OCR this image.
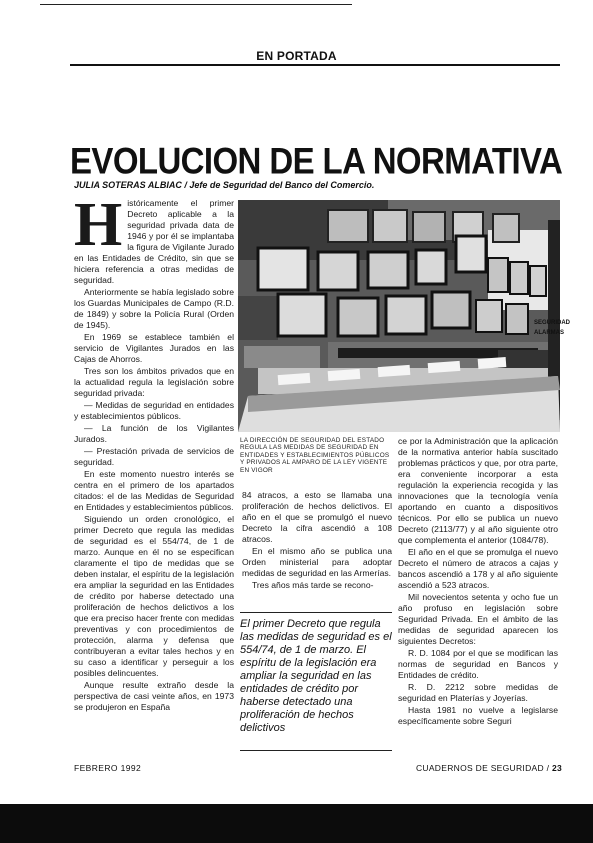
EN PORTADA
EVOLUCION DE LA NORMATIVA
JULIA SOTERAS ALBIAC / Jefe de Seguridad del Banco del Comercio.
H istóricamente el primer Decreto aplicable a la seguridad privada data de 1946 y por él se implantaba la figura de Vigilante Jurado en las Entidades de Crédito, sin que se hiciera referencia a otras medidas de seguridad.

Anteriormente se había legislado sobre los Guardas Municipales de Campo (R.D. de 1849) y sobre la Policía Rural (Orden de 1945).

En 1969 se establece también el servicio de Vigilantes Jurados en las Cajas de Ahorros.

Tres son los ámbitos privados que en la actualidad regula la legislación sobre seguridad privada:

— Medidas de seguridad en entidades y establecimientos públicos.

— La función de los Vigilantes Jurados.

— Prestación privada de servicios de seguridad.

En este momento nuestro interés se centra en el primero de los apartados citados: el de las Medidas de Seguridad en Entidades y establecimientos públicos.

Siguiendo un orden cronológico, el primer Decreto que regula las medidas de seguridad es el 554/74, de 1 de marzo. Aunque en él no se especifican claramente el tipo de medidas que se deben instalar, el espíritu de la legislación era ampliar la seguridad en las Entidades de crédito por haberse detectado una proliferación de hechos delictivos a los que era preciso hacer frente con medidas preventivas y con procedimientos de protección, alarma y defensa que contribuyeran a evitar tales hechos y en su caso a identificar y perseguir a los posibles delincuentes.

Aunque resulte extraño desde la perspectiva de casi veinte años, en 1973 se produjeron en España

SEGURIDAD
ALARMAS
LA DIRECCIÓN DE SEGURIDAD DEL ESTADO REGULA LAS MEDIDAS DE SEGURIDAD EN ENTIDADES Y ESTABLECIMIENTOS PÚBLICOS Y PRIVADOS AL AMPARO DE LA LEY VIGENTE EN VIGOR

84 atracos, a esto se llamaba una proliferación de hechos delictivos. El año en el que se promulgó el nuevo Decreto la cifra ascendió a 108 atracos.

En el mismo año se publica una Orden ministerial para adoptar medidas de seguridad en las Armerías.

Tres años más tarde se recono-

El primer Decreto que regula las medidas de seguridad es el 554/74, de 1 de marzo. El espíritu de la legislación era ampliar la seguridad en las entidades de crédito por haberse detectado una proliferación de hechos delictivos

ce por la Administración que la aplicación de la normativa anterior había suscitado problemas prácticos y que, por otra parte, era conveniente incorporar a esta regulación la experiencia recogida y las innovaciones que la tecnología venía aportando en cuanto a dispositivos técnicos. Por ello se publica un nuevo Decreto (2113/77) y al año siguiente otro que complementa el anterior (1084/78).

El año en el que se promulga el nuevo Decreto el número de atracos a cajas y bancos ascendió a 178 y al año siguiente ascendió a 523 atracos.

Mil novecientos setenta y ocho fue un año profuso en legislación sobre Seguridad Privada. En el ámbito de las medidas de seguridad aparecen los siguientes Decretos:

R. D. 1084 por el que se modifican las normas de seguridad en Bancos y Entidades de crédito.

R. D. 2212 sobre medidas de seguridad en Platerías y Joyerías.

Hasta 1981 no vuelve a legislarse específicamente sobre Seguri

FEBRERO 1992	CUADERNOS DE SEGURIDAD / 23
